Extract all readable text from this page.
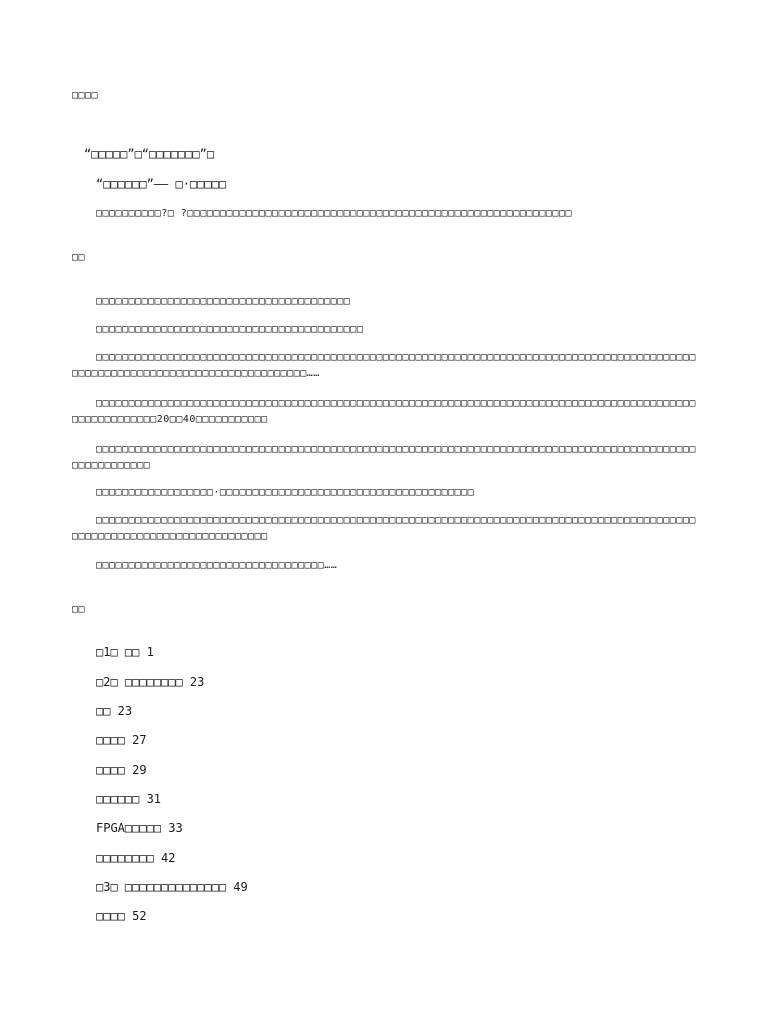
□□□□
“□□□□□”□“□□□□□□□”□
“□□□□□□”—— □·□□□□□
□□□□□□□□□□?□ ?□□□□□□□□□□□□□□□□□□□□□□□□□□□□□□□□□□□□□□□□□□□□□□□□□□□□□□□□□□□
□□
□□□□□□□□□□□□□□□□□□□□□□□□□□□□□□□□□□□□□□□
□□□□□□□□□□□□□□□□□□□□□□□□□□□□□□□□□□□□□□□□□
□□□□□□□□□□□□□□□□□□□□□□□□□□□□□□□□□□□□□□□□□□□□□□□□□□□□□□□□□□□□□□□□□□□□□□□□□□□□□□□□□□□□□□□□□□□□□□□□□□□□□□□□□□□□□□□□□□□□□□□□□□□□□□□□……
□□□□□□□□□□□□□□□□□□□□□□□□□□□□□□□□□□□□□□□□□□□□□□□□□□□□□□□□□□□□□□□□□□□□□□□□□□□□□□□□□□□□□□□□□□□□□□□□□□□□□□□□□20□□40□□□□□□□□□□□
□□□□□□□□□□□□□□□□□□□□□□□□□□□□□□□□□□□□□□□□□□□□□□□□□□□□□□□□□□□□□□□□□□□□□□□□□□□□□□□□□□□□□□□□□□□□□□□□□□□□□□□□
□□□□□□□□□□□□□□□□□□·□□□□□□□□□□□□□□□□□□□□□□□□□□□□□□□□□□□□□□□
□□□□□□□□□□□□□□□□□□□□□□□□□□□□□□□□□□□□□□□□□□□□□□□□□□□□□□□□□□□□□□□□□□□□□□□□□□□□□□□□□□□□□□□□□□□□□□□□□□□□□□□□□□□□□□□□□□□□□□□□□□
□□□□□□□□□□□□□□□□□□□□□□□□□□□□□□□□□□□……
□□
□1□ □□ 1
□2□ □□□□□□□□ 23
□□ 23
□□□□ 27
□□□□ 29
□□□□□□ 31
FPGA□□□□□ 33
□□□□□□□□ 42
□3□ □□□□□□□□□□□□□□ 49
□□□□ 52
